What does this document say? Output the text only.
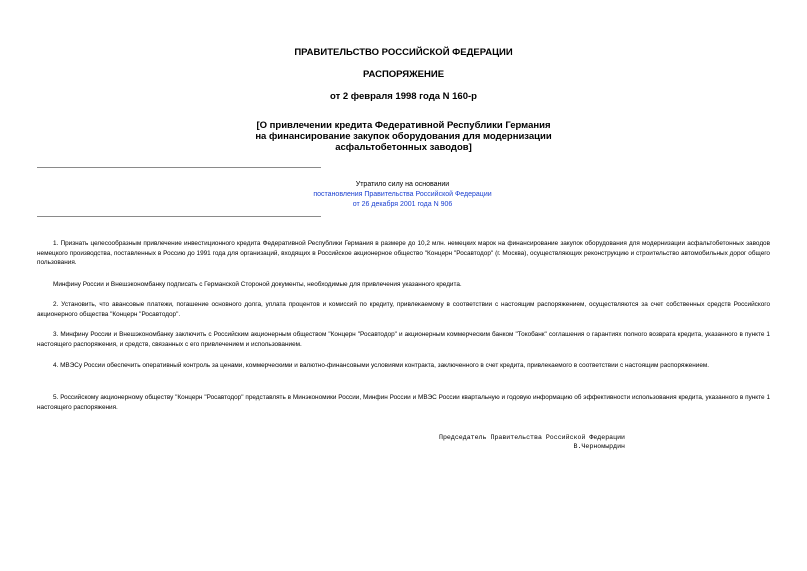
ПРАВИТЕЛЬСТВО РОССИЙСКОЙ ФЕДЕРАЦИИ
РАСПОРЯЖЕНИЕ
от 2 февраля 1998 года N 160-р
[О привлечении кредита Федеративной Республики Германия
на финансирование закупок оборудования для модернизации
асфальтобетонных заводов]
Утратило силу на основании
постановления Правительства Российской Федерации
от 26 декабря 2001 года N 906
1. Признать целесообразным привлечение инвестиционного кредита Федеративной Республики Германия в размере до 10,2 млн. немецких марок на финансирование закупок оборудования для модернизации асфальтобетонных заводов немецкого производства, поставленных в Россию до 1991 года для организаций, входящих в Российское акционерное общество "Концерн "Росавтодор" (г. Москва), осуществляющих реконструкцию и строительство автомобильных дорог общего пользования.
Минфину России и Внешэкономбанку подписать с Германской Стороной документы, необходимые для привлечения указанного кредита.
2. Установить, что авансовые платежи, погашение основного долга, уплата процентов и комиссий по кредиту, привлекаемому в соответствии с настоящим распоряжением, осуществляются за счет собственных средств Российского акционерного общества "Концерн "Росавтодор".
3. Минфину России и Внешэкономбанку заключить с Российским акционерным обществом "Концерн "Росавтодор" и акционерным коммерческим банком "Токобанк" соглашения о гарантиях полного возврата кредита, указанного в пункте 1 настоящего распоряжения, и средств, связанных с его привлечением и использованием.
4. МВЭСу России обеспечить оперативный контроль за ценами, коммерческими и валютно-финансовыми условиями контракта, заключенного в счет кредита, привлекаемого в соответствии с настоящим распоряжением.
5. Российскому акционерному обществу "Концерн "Росавтодор" представлять в Минэкономики России, Минфин России и МВЭС России квартальную и годовую информацию об эффективности использования кредита, указанного в пункте 1 настоящего распоряжения.
Председатель Правительства Российской Федерации
В.Черномырдин
